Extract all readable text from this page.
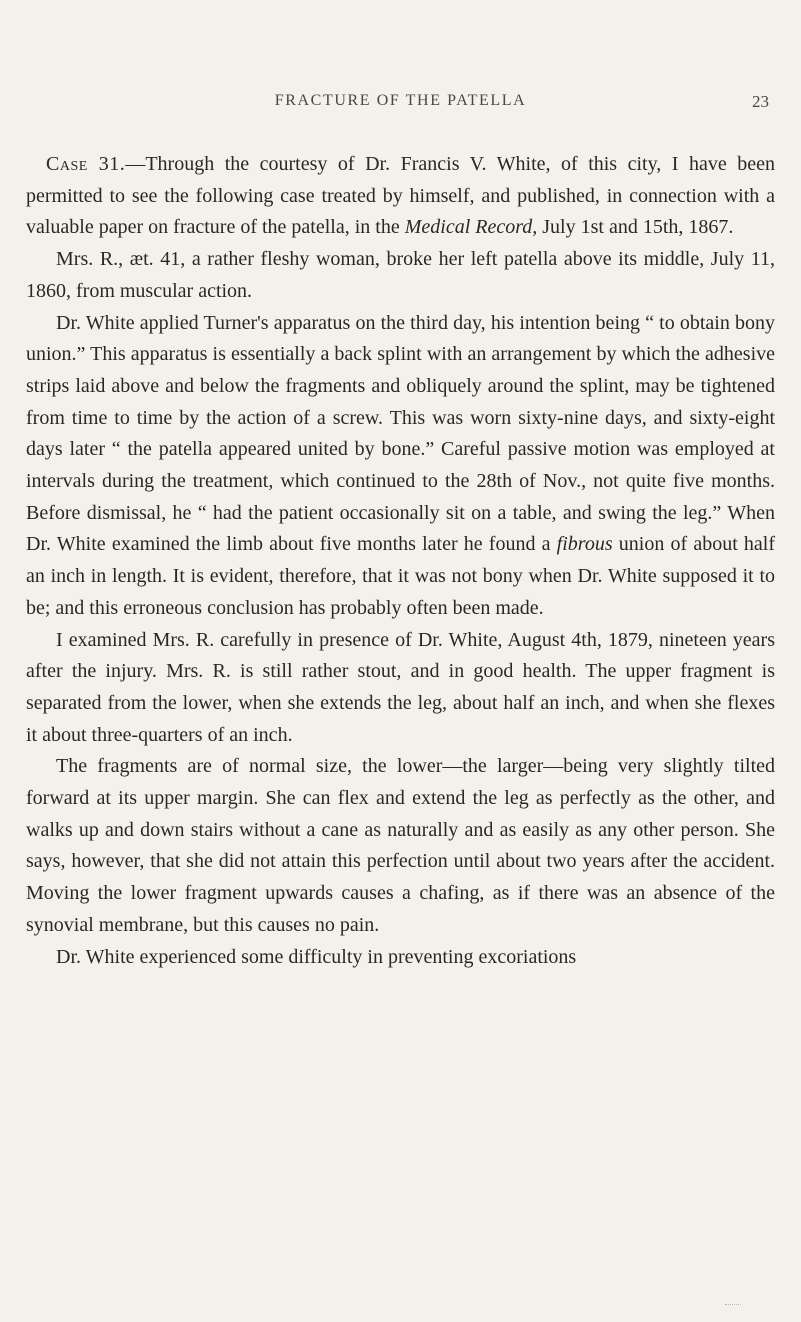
FRACTURE OF THE PATELLA	23

Case 31.—Through the courtesy of Dr. Francis V. White, of this city, I have been permitted to see the following case treated by himself, and published, in connection with a valuable paper on fracture of the patella, in the Medical Record, July 1st and 15th, 1867.

Mrs. R., æt. 41, a rather fleshy woman, broke her left patella above its middle, July 11, 1860, from muscular action.

Dr. White applied Turner's apparatus on the third day, his intention being “ to obtain bony union.” This apparatus is essentially a back splint with an arrangement by which the adhesive strips laid above and below the fragments and obliquely around the splint, may be tightened from time to time by the action of a screw. This was worn sixty-nine days, and sixty-eight days later “ the patella appeared united by bone.” Careful passive motion was employed at intervals during the treatment, which continued to the 28th of Nov., not quite five months. Before dismissal, he “ had the patient occasionally sit on a table, and swing the leg.” When Dr. White examined the limb about five months later he found a fibrous union of about half an inch in length. It is evident, therefore, that it was not bony when Dr. White supposed it to be; and this erroneous conclusion has probably often been made.

I examined Mrs. R. carefully in presence of Dr. White, August 4th, 1879, nineteen years after the injury. Mrs. R. is still rather stout, and in good health. The upper fragment is separated from the lower, when she extends the leg, about half an inch, and when she flexes it about three-quarters of an inch.

The fragments are of normal size, the lower—the larger—being very slightly tilted forward at its upper margin. She can flex and extend the leg as perfectly as the other, and walks up and down stairs without a cane as naturally and as easily as any other person. She says, however, that she did not attain this perfection until about two years after the accident. Moving the lower fragment upwards causes a chafing, as if there was an absence of the synovial membrane, but this causes no pain.

Dr. White experienced some difficulty in preventing excoriations
